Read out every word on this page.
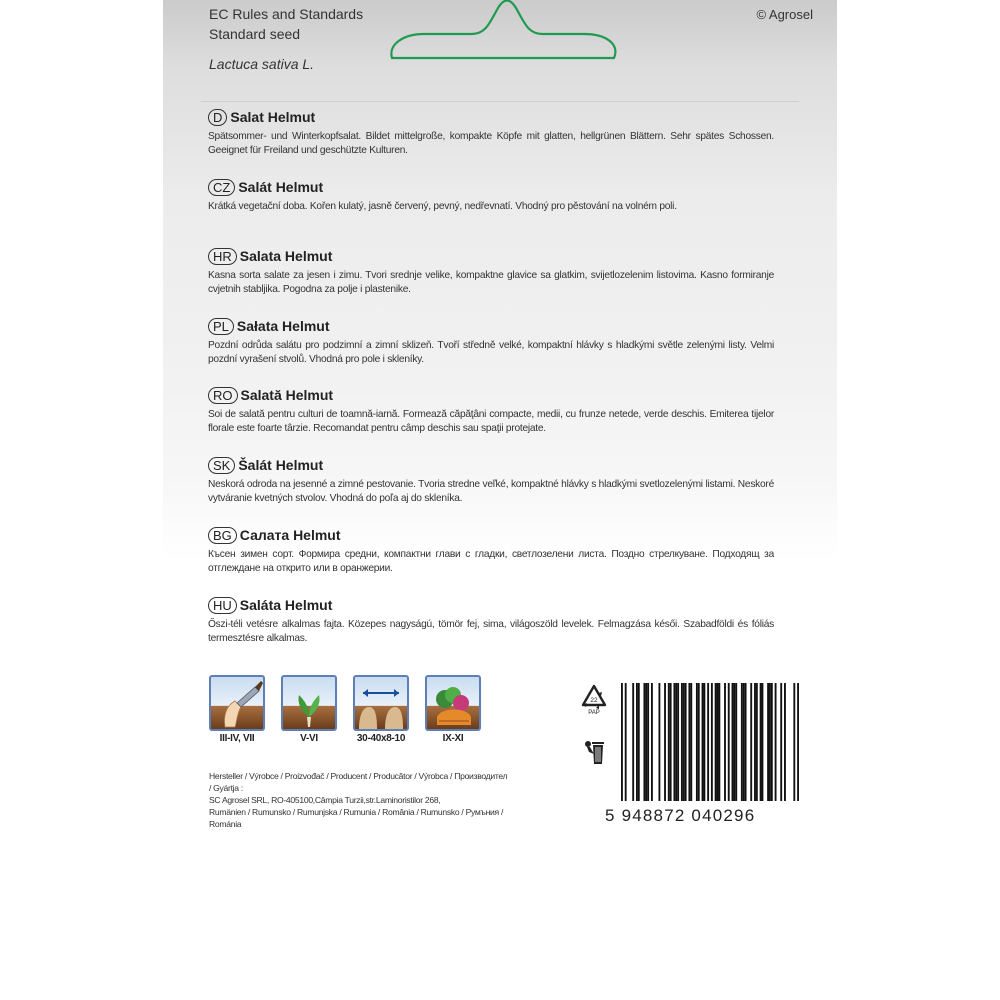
EC Rules and Standards
Standard seed
Lactuca sativa L.
© Agrosel
D Salat Helmut
Spätsommer- und Winterkopfsalat. Bildet mittelgroße, kompakte Köpfe mit glatten, hellgrünen Blättern. Sehr spätes Schossen. Geeignet für Freiland und geschützte Kulturen.
CZ Salát Helmut
Krátká vegetační doba. Kořen kulatý, jasně červený, pevný, nedřevnatí. Vhodný pro pěstování na volném poli.
HR Salata Helmut
Kasna sorta salate za jesen i zimu. Tvori srednje velike, kompaktne glavice sa glatkim, svijetlozelenim listovima. Kasno formiranje cvjetnih stabljika. Pogodna za polje i plastenike.
PL Sałata Helmut
Pozdní odrůda salátu pro podzimní a zimní sklizeň. Tvoří středně velké, kompaktní hlávky s hladkými světle zelenými listy. Velmi pozdní vyrašení stvolů. Vhodná pro pole i skleníky.
RO Salată Helmut
Soi de salată pentru culturi de toamnă-iarnă. Formează căpăţâni compacte, medii, cu frunze netede, verde deschis. Emiterea tijelor florale este foarte târzie. Recomandat pentru câmp deschis sau spaţii protejate.
SK Šalát Helmut
Neskorá odroda na jesenné a zimné pestovanie. Tvoria stredne veľké, kompaktné hlávky s hladkými svetlozelenými listami. Neskoré vytváranie kvetných stvolov. Vhodná do poľa aj do skleníka.
BG Салата Helmut
Късен зимен сорт. Формира средни, компактни глави с гладки, светлозелени листа. Поздно стрелкуване. Подходящ за отглеждане на открито или в оранжерии.
HU Saláta Helmut
Őszi-téli vetésre alkalmas fajta. Közepes nagyságú, tömör fej, sima, világoszöld levelek. Felmagzása késői. Szabadföldi és fóliás termesztésre alkalmas.
III-IV, VII	V-VI	30-40x8-10	IX-XI
Hersteller / Výrobce / Proizvođač / Producent / Producător / Výrobca / Производител / Gyártja :
SC Agrosel SRL, RO-405100,Câmpia Turzii,str.Laminoristilor 268,
Rumänien / Rumunsko / Rumunjska / Rumunia / România / Rumunsko / Румъния / Románia
22
PAP
5 948872 040296
